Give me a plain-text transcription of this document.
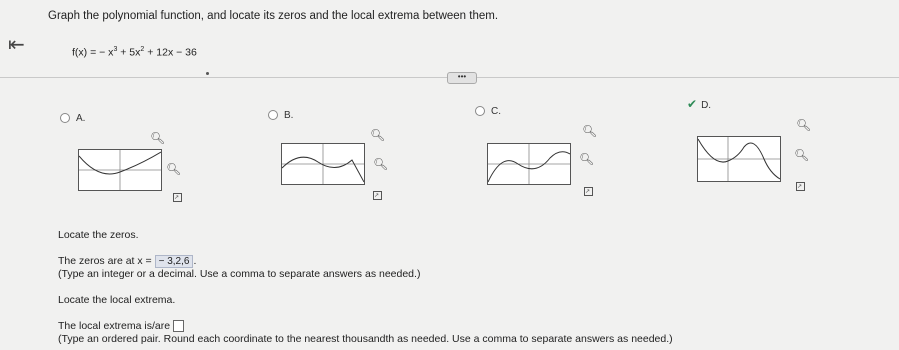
Graph the polynomial function, and locate its zeros and the local extrema between them.
⇤	f(x) = − $x^3 + 5x^2 + 12x - 36$
•••
A.
🔍︎
🔍︎
↗
B.
🔍︎
🔍︎
↗
C.
🔍︎
🔍︎
↗
✔ D.
🔍︎
🔍︎
↗
Locate the zeros.
The zeros are at x = − 3,2,6 .
(Type an integer or a decimal. Use a comma to separate answers as needed.)
Locate the local extrema.
The local extrema is/are
(Type an ordered pair. Round each coordinate to the nearest thousandth as needed. Use a comma to separate answers as needed.)
